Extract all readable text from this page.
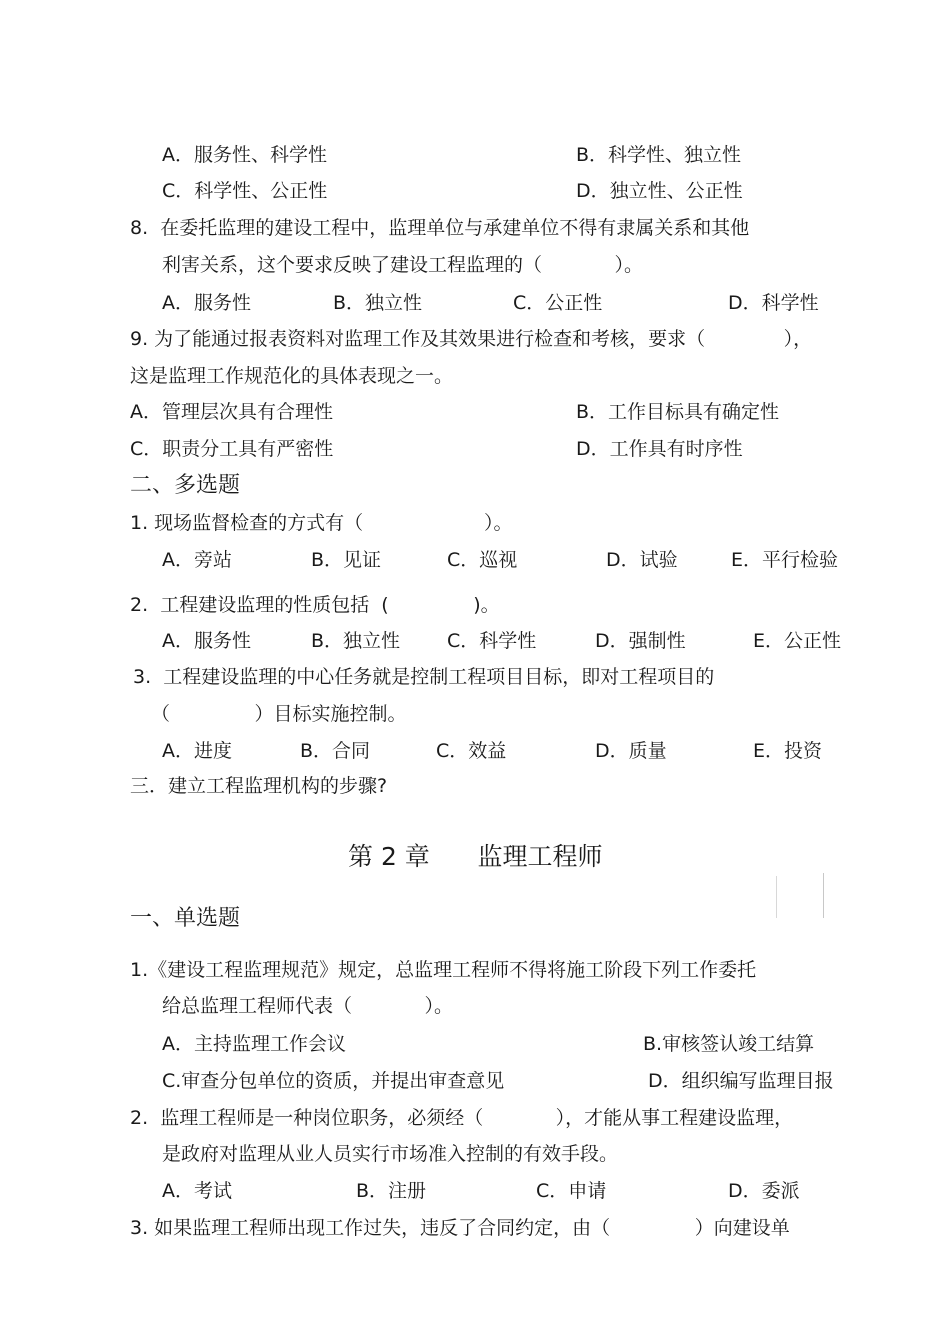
A．服务性、科学性	B．科学性、独立性
C．科学性、公正性	D．独立性、公正性
8.  在委托监理的建设工程中，监理单位与承建单位不得有隶属关系和其他
利害关系，这个要求反映了建设工程监理的（            ）。
A．服务性	B．独立性	C．公正性	D．科学性
9. 为了能通过报表资料对监理工作及其效果进行检查和考核，要求（             ），
这是监理工作规范化的具体表现之一。
A．管理层次具有合理性	B．工作目标具有确定性
C．职责分工具有严密性	D．工作具有时序性
二、多选题
1. 现场监督检查的方式有（                    ）。
A．旁站	B．见证	C．巡视	D．试验	E．平行检验
2.  工程建设监理的性质包括  (              )。
A．服务性	B．独立性 C．科学性	D．强制性	E．公正性
3.  工程建设监理的中心任务就是控制工程项目目标，即对工程项目的
（              ）目标实施控制。
A．进度	B．合同	C．效益	D．质量	E．投资
三．建立工程监理机构的步骤?
第 2 章      监理工程师
一、单选题
1.《建设工程监理规范》规定，总监理工程师不得将施工阶段下列工作委托
给总监理工程师代表（            ）。
A．主持监理工作会议	B.审核签认竣工结算
C.审查分包单位的资质，并提出审查意见	D．组织编写监理目报
2.  监理工程师是一种岗位职务，必须经（            ），才能从事工程建设监理，
是政府对监理从业人员实行市场准入控制的有效手段。
A．考试	B．注册	C．申请	D．委派
3. 如果监理工程师出现工作过失，违反了合同约定，由（              ）向建设单
